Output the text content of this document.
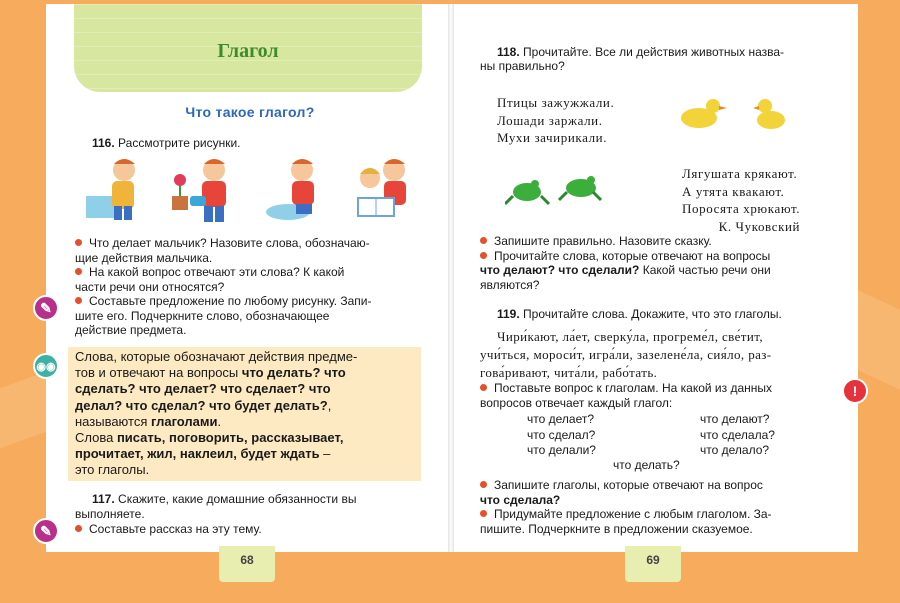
Глагол
Что такое глагол?
116. Рассмотрите рисунки.
Что делает мальчик? Назовите слова, обозначаю-
щие действия мальчика.
На какой вопрос отвечают эти слова? К какой
части речи они относятся?
Составьте предложение по любому рисунку. Запи-
шите его. Подчеркните слово, обозначающее
действие предмета.
✎
◉◉
Слова, которые обозначают действия предме-
тов и отвечают на вопросы что делать? что
сделать? что делает? что сделает? что
делал? что сделал? что будет делать?,
называются глаголами.
Слова писать, поговорить, рассказывает,
прочитает, жил, наклеил, будет ждать –
это глаголы.
117. Скажите, какие домашние обязанности вы
выполняете.
Составьте рассказ на эту тему.
✎
68
118. Прочитайте. Все ли действия животных назва-
ны правильно?
Птицы зажужжали.
Лошади заржали.
Мухи зачирикали.
Лягушата крякают.
А утята квакают.
Поросята хрюкают.
К. Чуковский
Запишите правильно. Назовите сказку.
Прочитайте слова, которые отвечают на вопросы
что делают? что сделали? Какой частью речи они
являются?
119. Прочитайте слова. Докажите, что это глаголы.
Чири́кают, ла́ет, сверку́ла, прогреме́л, све́тит,
учи́ться, мороси́т, игра́ли, зазелене́ла, сия́ло, раз-
гова́ривают, чита́ли, рабо́тать.
Поставьте вопрос к глаголам. На какой из данных
вопросов отвечает каждый глагол:
!
что делает?
что сделал?
что делали?
что делают?
что сделала?
что делало?
что делать?
Запишите глаголы, которые отвечают на вопрос
что сделала?
Придумайте предложение с любым глаголом. За-
пишите. Подчеркните в предложении сказуемое.
69
